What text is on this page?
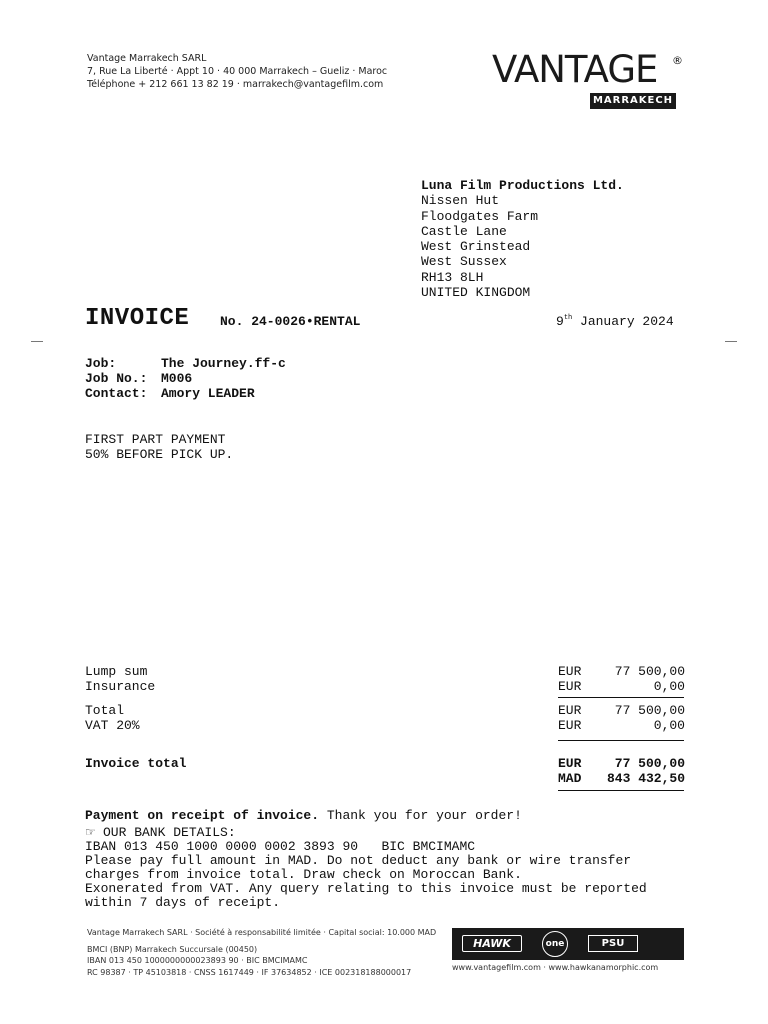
Vantage Marrakech SARL
7, Rue La Liberté · Appt 10 · 40 000 Marrakech – Gueliz · Maroc
Téléphone + 212 661 13 82 19 · marrakech@vantagefilm.com	VANTAGE ®
MARRAKECH
Luna Film Productions Ltd.
Nissen Hut
Floodgates Farm
Castle Lane
West Grinstead
West Sussex
RH13 8LH
UNITED KINGDOM
INVOICE No. 24-0026•RENTAL	9th January 2024
Job:	The Journey.ff-c
Job No.:	M006
Contact:	Amory LEADER
FIRST PART PAYMENT
50% BEFORE PICK UP.
Lump sum	EUR	77 500,00
Insurance	EUR	0,00
Total	EUR	77 500,00
VAT 20%	EUR	0,00
Invoice total	EUR	77 500,00
MAD 843 432,50
Payment on receipt of invoice. Thank you for your order!
☞ OUR BANK DETAILS:
IBAN 013 450 1000 0000 0002 3893 90   BIC BMCIMAMC
Please pay full amount in MAD. Do not deduct any bank or wire transfer
charges from invoice total. Draw check on Moroccan Bank.
Exonerated from VAT. Any query relating to this invoice must be reported
within 7 days of receipt.
Vantage Marrakech SARL · Société à responsabilité limitée · Capital social: 10.000 MAD
BMCI (BNP) Marrakech Succursale (00450)
IBAN 013 450 1000000000023893 90 · BIC BMCIMAMC
RC 98387 · TP 45103818 · CNSS 1617449 · IF 37634852 · ICE 002318188000017
HAWK	one	PSU
www.vantagefilm.com · www.hawkanamorphic.com
